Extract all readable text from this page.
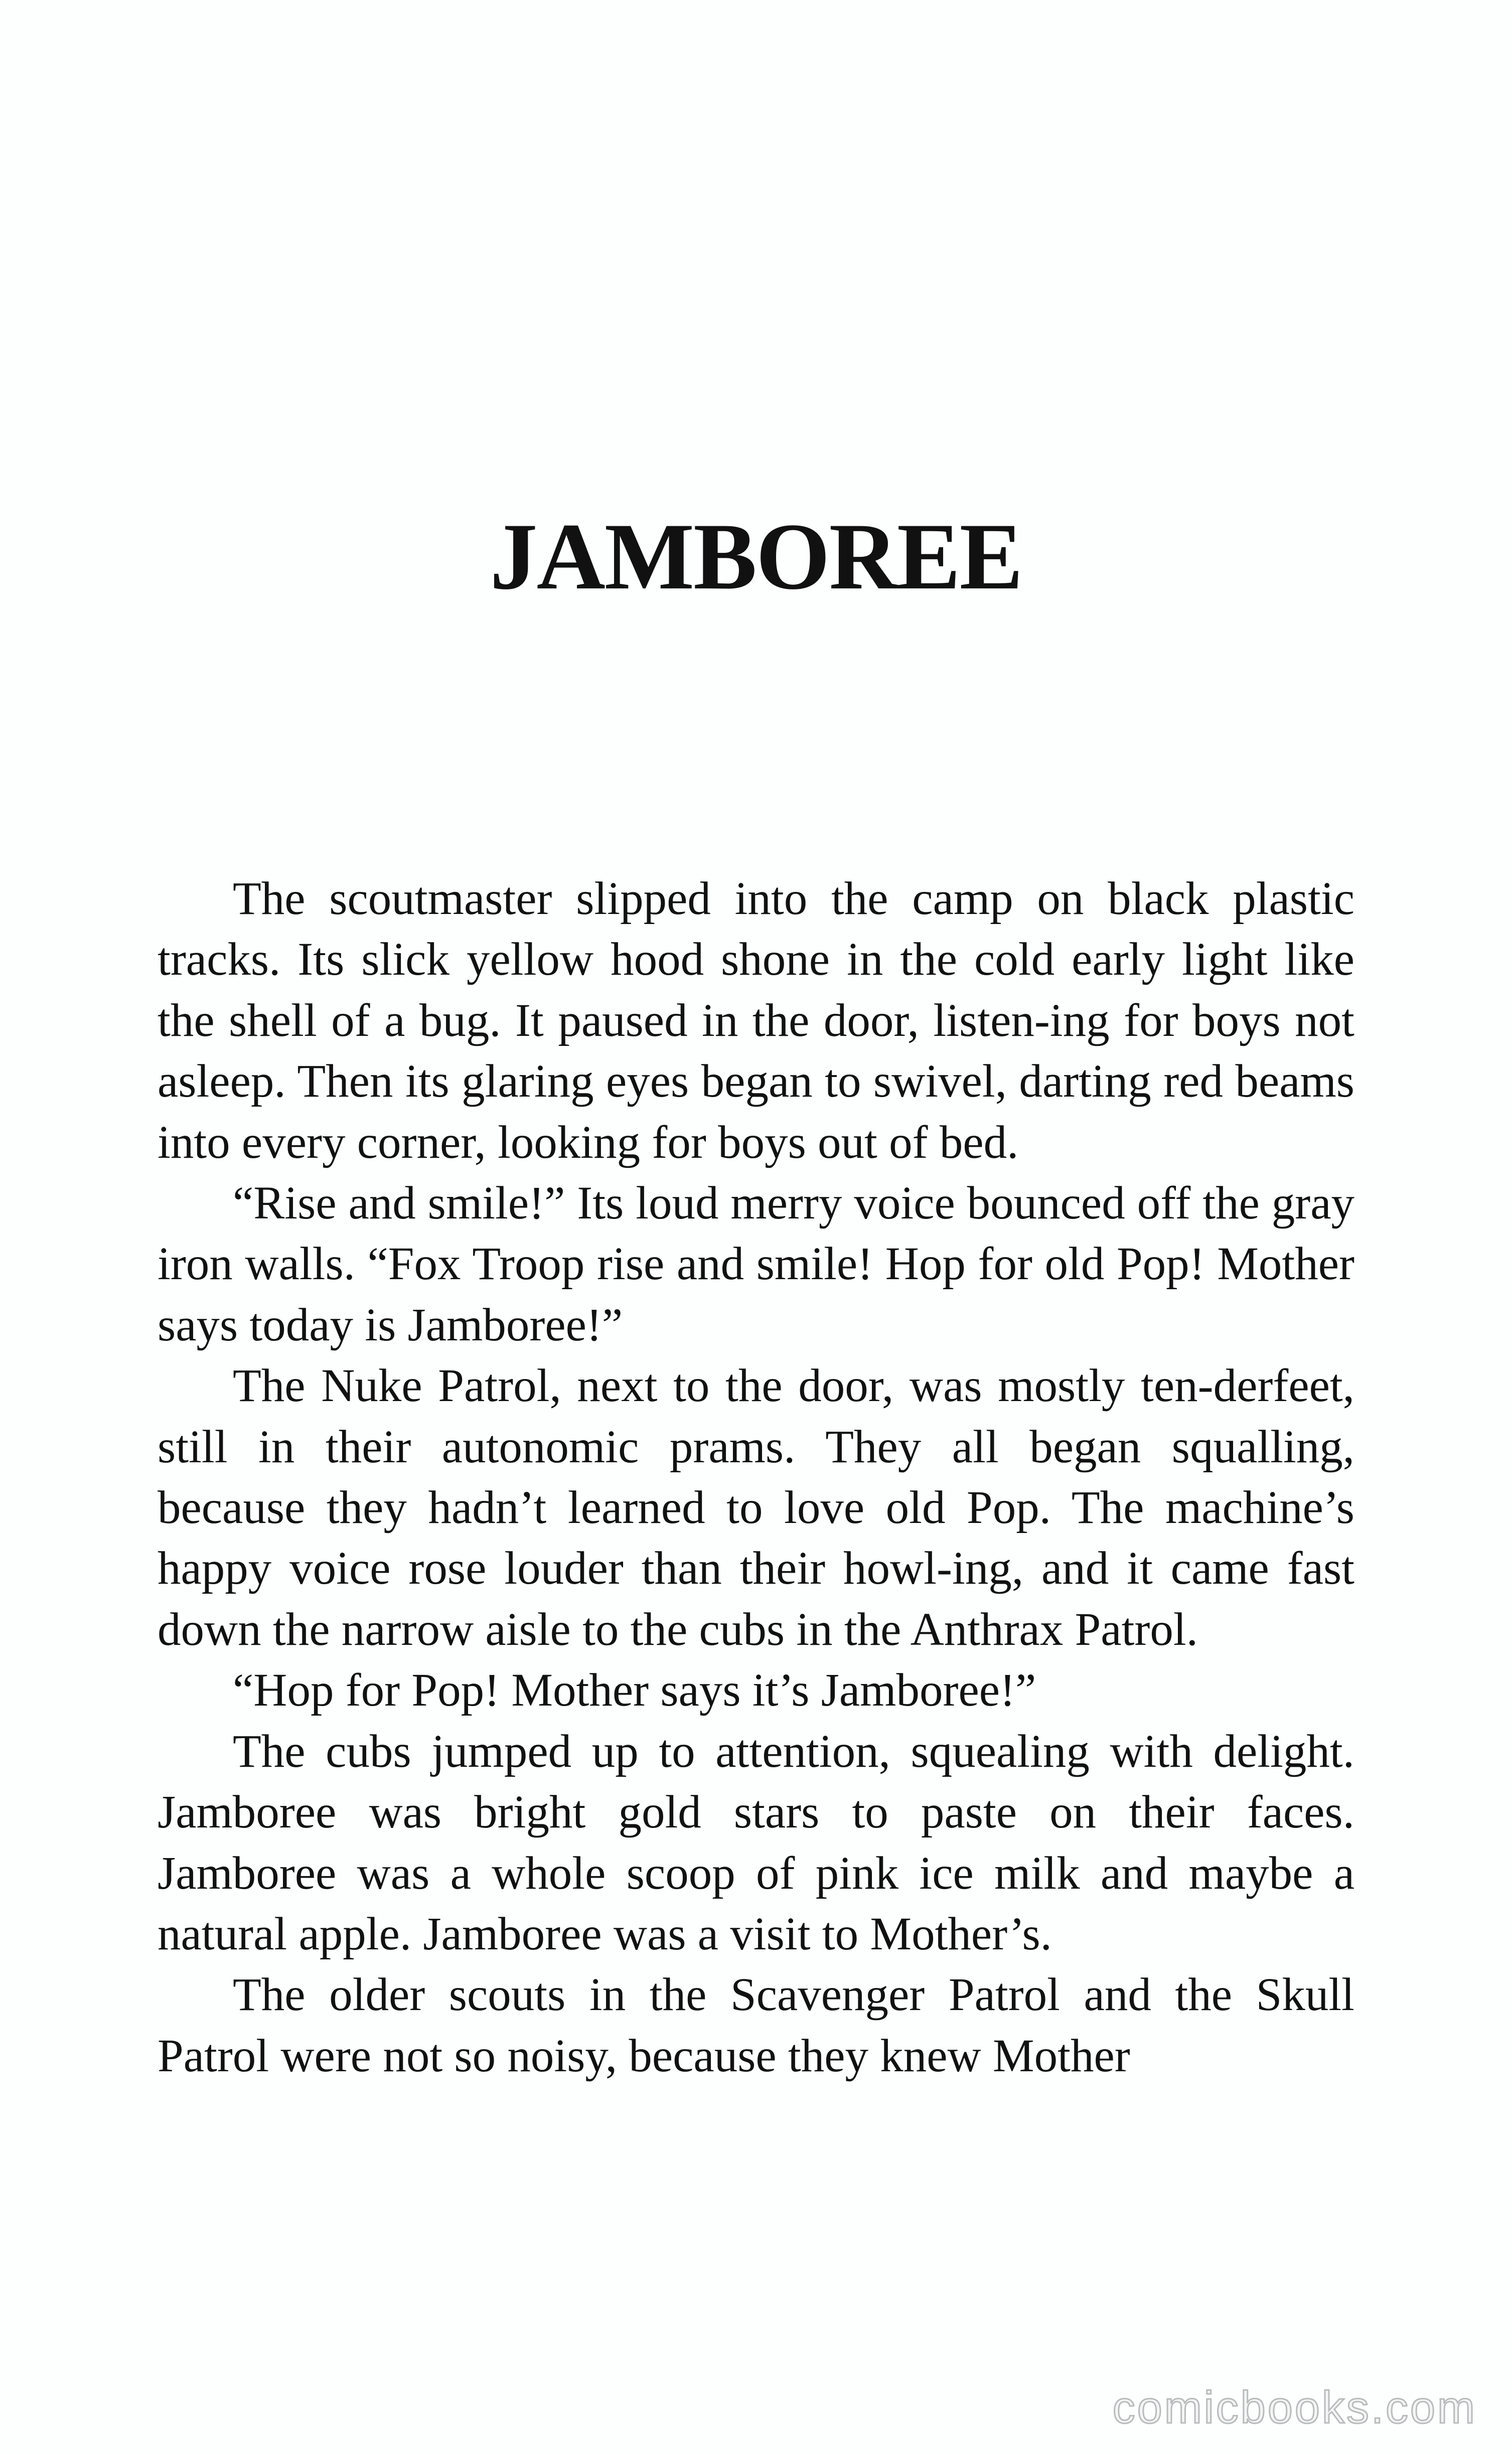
JAMBOREE

The scoutmaster slipped into the camp on black plastic tracks. Its slick yellow hood shone in the cold early light like the shell of a bug. It paused in the door, listen-ing for boys not asleep. Then its glaring eyes began to swivel, darting red beams into every corner, looking for boys out of bed.

“Rise and smile!” Its loud merry voice bounced off the gray iron walls. “Fox Troop rise and smile! Hop for old Pop! Mother says today is Jamboree!”

The Nuke Patrol, next to the door, was mostly ten-derfeet, still in their autonomic prams. They all began squalling, because they hadn’t learned to love old Pop. The machine’s happy voice rose louder than their howl-ing, and it came fast down the narrow aisle to the cubs in the Anthrax Patrol.

“Hop for Pop! Mother says it’s Jamboree!”

The cubs jumped up to attention, squealing with delight. Jamboree was bright gold stars to paste on their faces. Jamboree was a whole scoop of pink ice milk and maybe a natural apple. Jamboree was a visit to Mother’s.

The older scouts in the Scavenger Patrol and the Skull Patrol were not so noisy, because they knew Mother

comicbooks.com
